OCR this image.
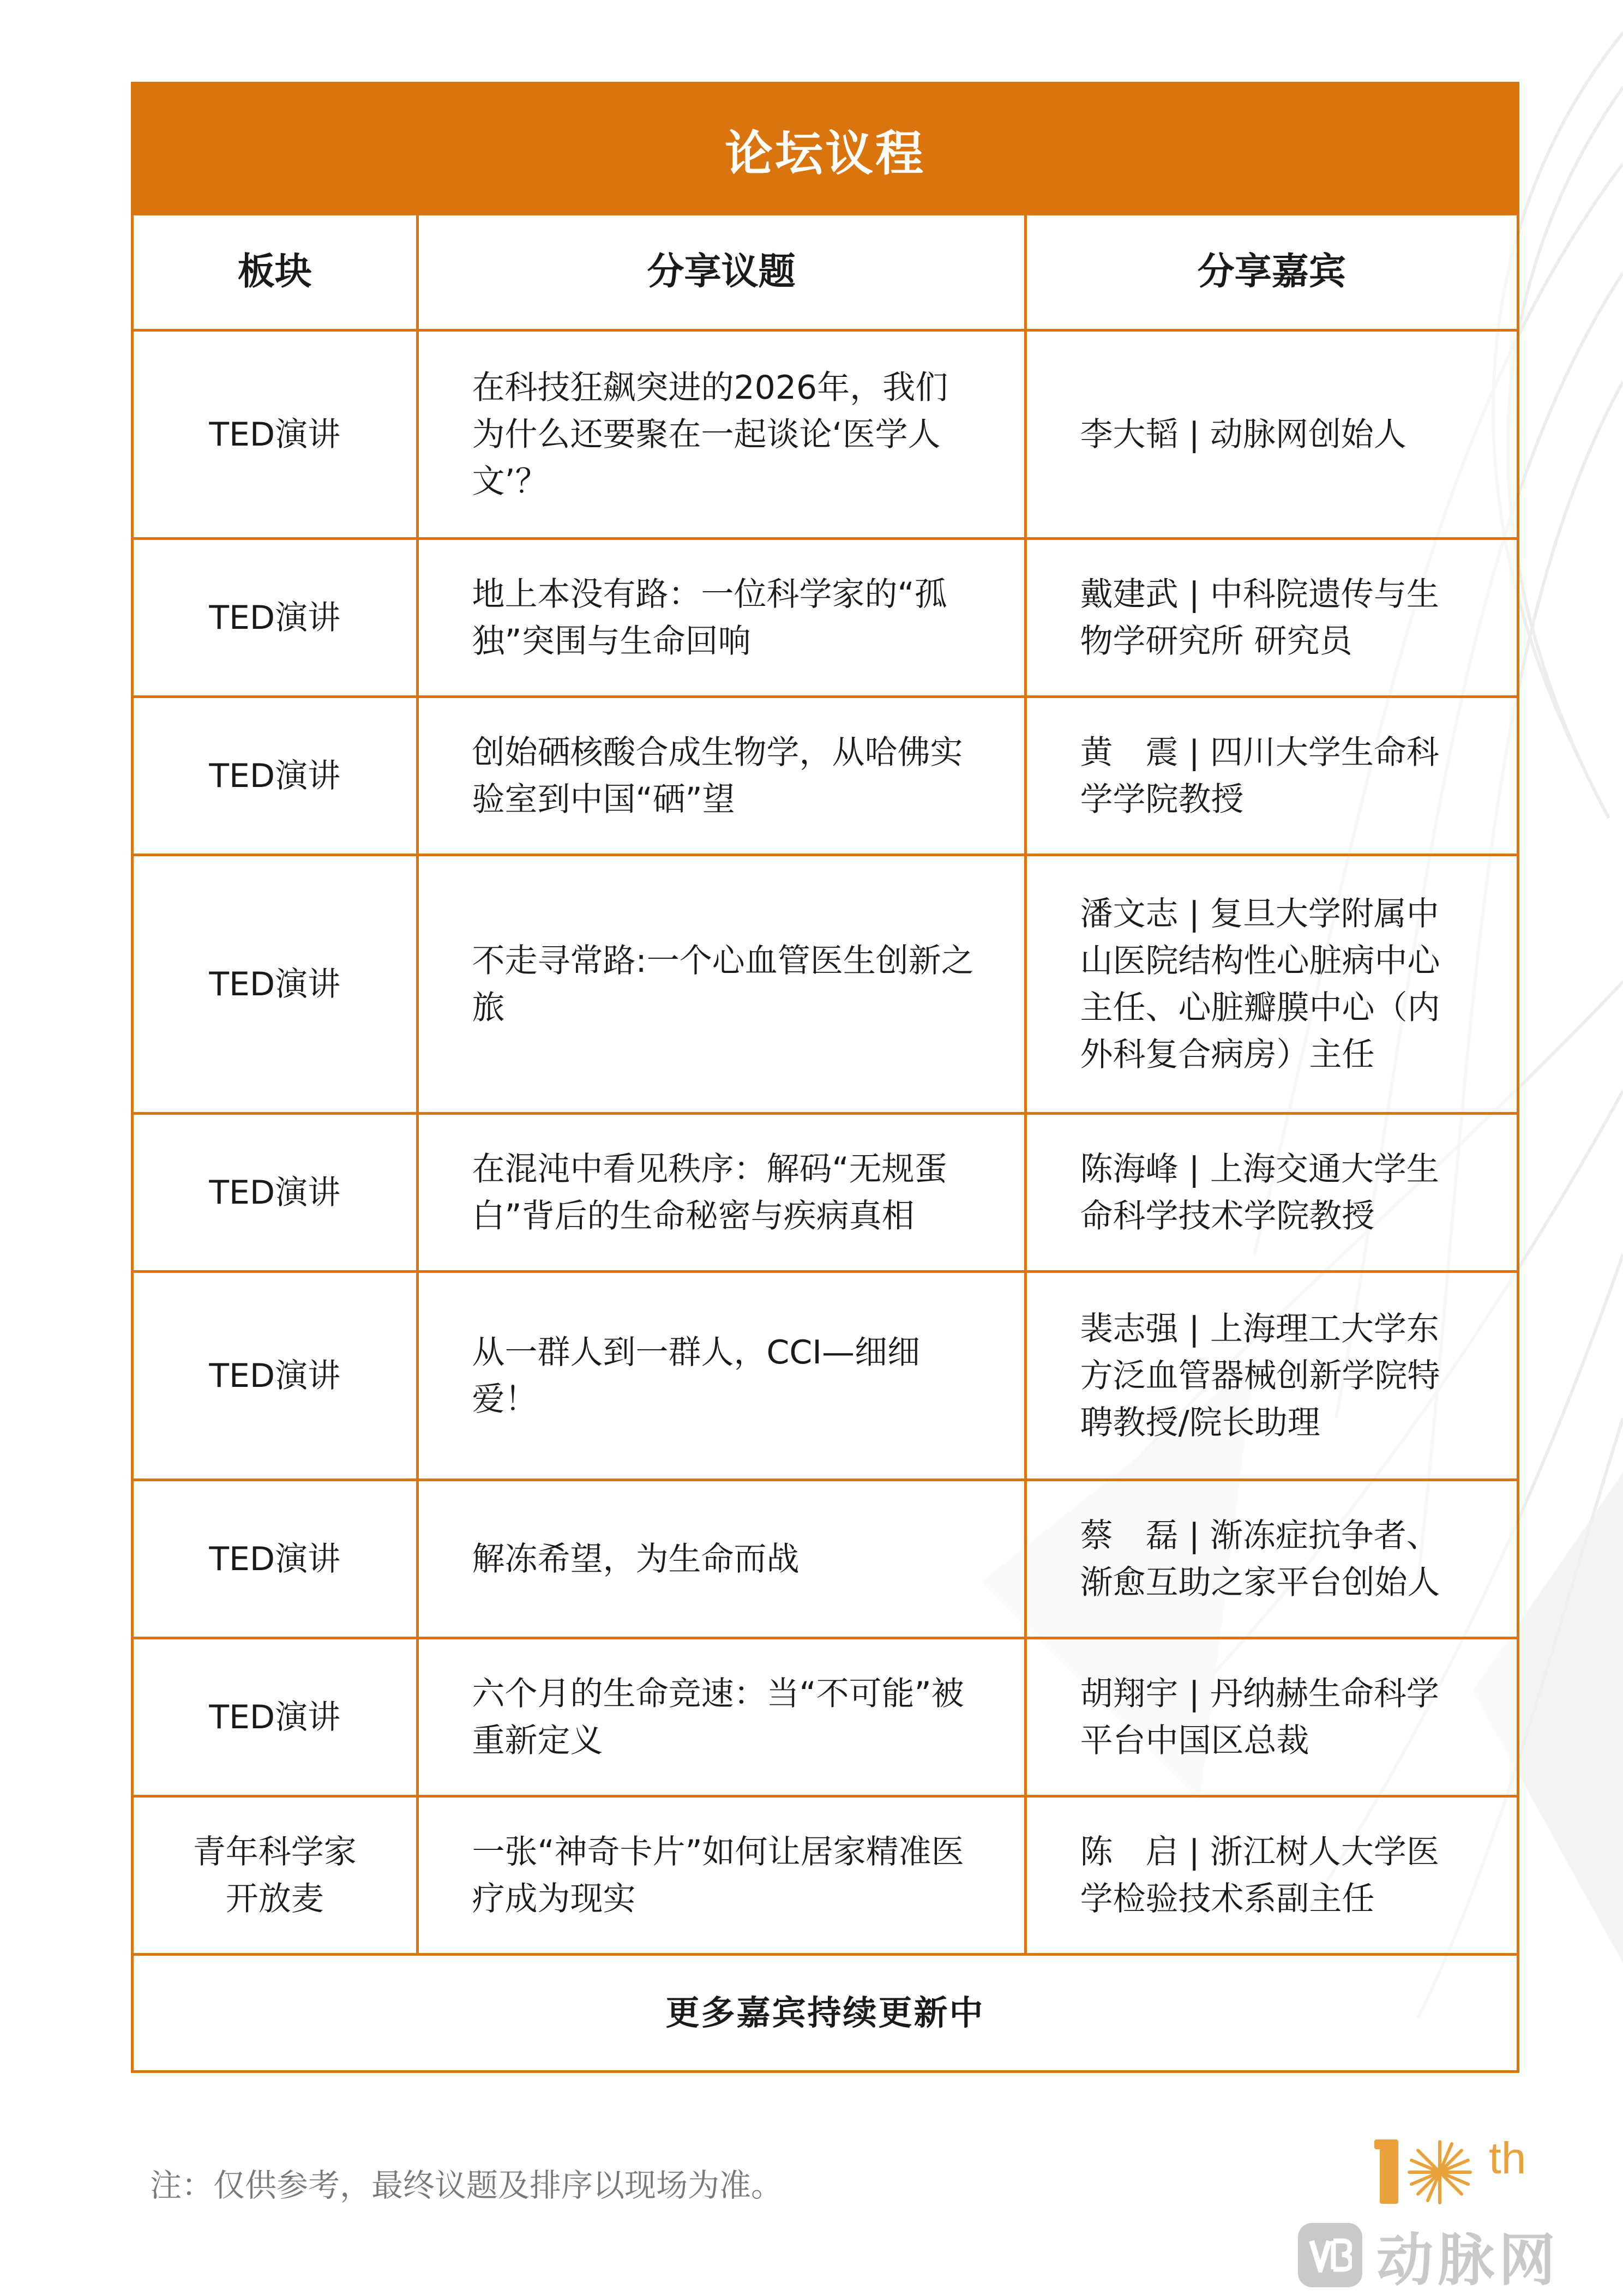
论坛议程
板块	分享议题	分享嘉宾
TED演讲	在科技狂飙突进的2026年，我们为什么还要聚在一起谈论‘医学人文’？	李大韬 | 动脉网创始人
TED演讲	地上本没有路：一位科学家的“孤独”突围与生命回响	戴建武 | 中科院遗传与生物学研究所 研究员
TED演讲	创始硒核酸合成生物学，从哈佛实验室到中国“硒”望	黄　震 | 四川大学生命科学学院教授
TED演讲	不走寻常路:一个心血管医生创新之旅	潘文志 | 复旦大学附属中山医院结构性心脏病中心主任、心脏瓣膜中心（内外科复合病房）主任
TED演讲	在混沌中看见秩序：解码“无规蛋白”背后的生命秘密与疾病真相	陈海峰 | 上海交通大学生命科学技术学院教授
TED演讲	从一群人到一群人，CCI—细细爱！	裴志强 | 上海理工大学东方泛血管器械创新学院特聘教授/院长助理
TED演讲	解冻希望，为生命而战	蔡　磊 | 渐冻症抗争者、渐愈互助之家平台创始人
TED演讲	六个月的生命竞速：当“不可能”被重新定义	胡翔宇 | 丹纳赫生命科学平台中国区总裁
青年科学家开放麦	一张“神奇卡片”如何让居家精准医疗成为现实	陈　启 | 浙江树人大学医学检验技术系副主任
更多嘉宾持续更新中		
注：仅供参考，最终议题及排序以现场为准。
th
动脉网
